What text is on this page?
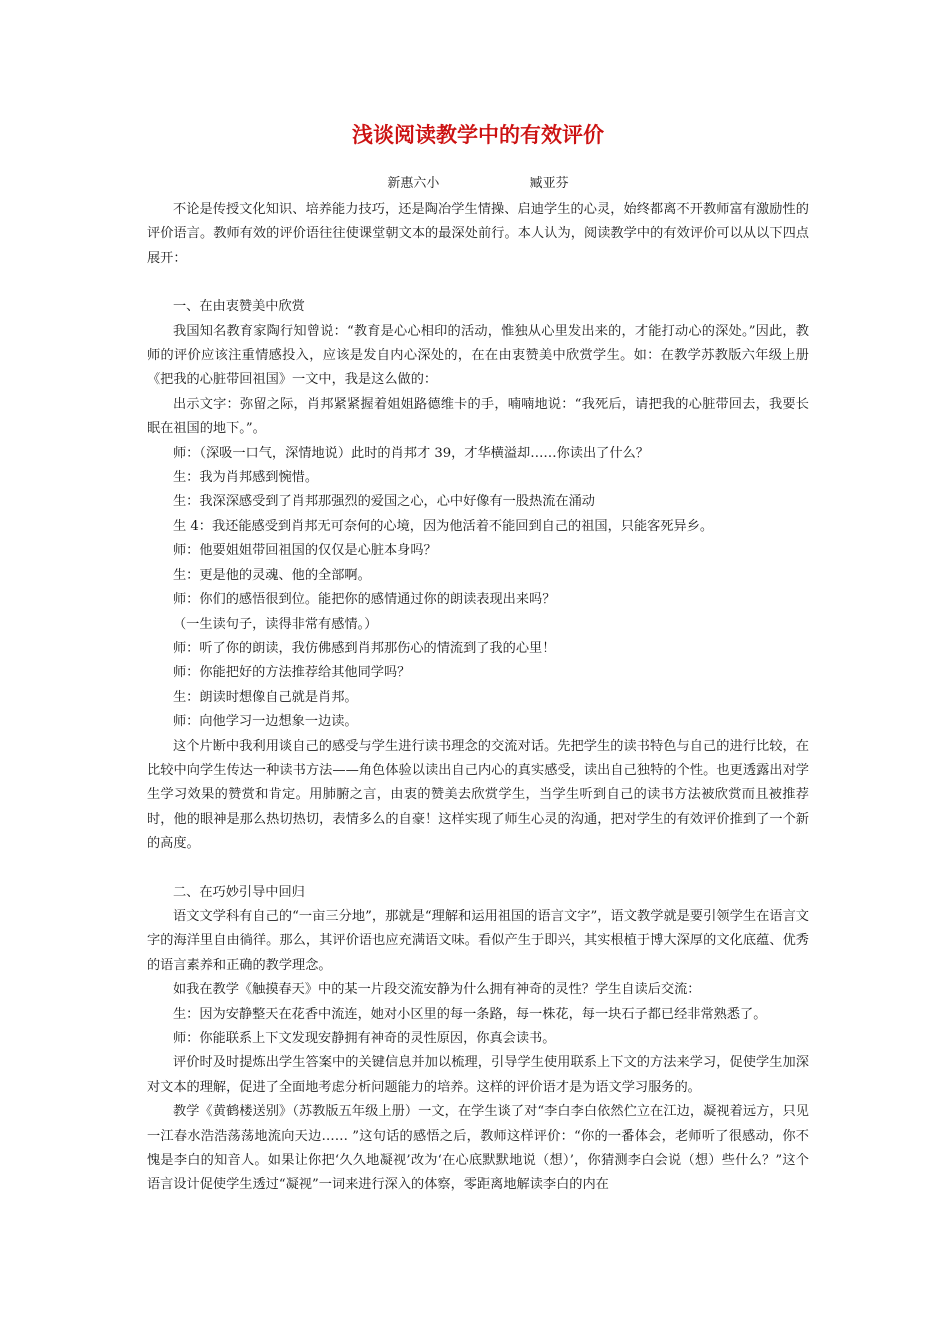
浅谈阅读教学中的有效评价
新惠六小	臧亚芬

不论是传授文化知识、培养能力技巧，还是陶冶学生情操、启迪学生的心灵，始终都离不开教师富有激励性的评价语言。教师有效的评价语往往使课堂朝文本的最深处前行。本人认为，阅读教学中的有效评价可以从以下四点展开：

一、在由衷赞美中欣赏

我国知名教育家陶行知曾说：“教育是心心相印的活动，惟独从心里发出来的，才能打动心的深处。”因此，教师的评价应该注重情感投入，应该是发自内心深处的，在在由衷赞美中欣赏学生。如：在教学苏教版六年级上册《把我的心脏带回祖国》一文中，我是这么做的：

出示文字：弥留之际，肖邦紧紧握着姐姐路德维卡的手，喃喃地说：“我死后，请把我的心脏带回去，我要长眠在祖国的地下。”。

师：（深吸一口气，深情地说）此时的肖邦才 39，才华横溢却……你读出了什么？

生：我为肖邦感到惋惜。

生：我深深感受到了肖邦那强烈的爱国之心，心中好像有一股热流在涌动

生 4：我还能感受到肖邦无可奈何的心境，因为他活着不能回到自己的祖国，只能客死异乡。

师：他要姐姐带回祖国的仅仅是心脏本身吗？

生：更是他的灵魂、他的全部啊。

师：你们的感悟很到位。能把你的感情通过你的朗读表现出来吗？

（一生读句子，读得非常有感情。）

师：听了你的朗读，我仿佛感到肖邦那伤心的情流到了我的心里！

师：你能把好的方法推荐给其他同学吗？

生：朗读时想像自己就是肖邦。

师：向他学习一边想象一边读。

这个片断中我利用谈自己的感受与学生进行读书理念的交流对话。先把学生的读书特色与自己的进行比较，在比较中向学生传达一种读书方法——角色体验以读出自己内心的真实感受，读出自己独特的个性。也更透露出对学生学习效果的赞赏和肯定。用肺腑之言，由衷的赞美去欣赏学生，当学生听到自己的读书方法被欣赏而且被推荐时，他的眼神是那么热切热切，表情多么的自豪！这样实现了师生心灵的沟通，把对学生的有效评价推到了一个新的高度。

二、在巧妙引导中回归

语文文学科有自己的“一亩三分地”，那就是“理解和运用祖国的语言文字”，语文教学就是要引领学生在语言文字的海洋里自由徜徉。那么，其评价语也应充满语文味。看似产生于即兴，其实根植于博大深厚的文化底蕴、优秀的语言素养和正确的教学理念。

如我在教学《触摸春天》中的某一片段交流安静为什么拥有神奇的灵性？学生自读后交流：

生：因为安静整天在花香中流连，她对小区里的每一条路，每一株花，每一块石子都已经非常熟悉了。

师：你能联系上下文发现安静拥有神奇的灵性原因，你真会读书。

评价时及时提炼出学生答案中的关键信息并加以梳理，引导学生使用联系上下文的方法来学习，促使学生加深对文本的理解，促进了全面地考虑分析问题能力的培养。这样的评价语才是为语文学习服务的。

教学《黄鹤楼送别》（苏教版五年级上册）一文，在学生谈了对“李白李白依然伫立在江边，凝视着远方，只见一江春水浩浩荡荡地流向天边…… ”这句话的感悟之后，教师这样评价：“你的一番体会，老师听了很感动，你不愧是李白的知音人。如果让你把‘久久地凝视’改为‘在心底默默地说（想）’，你猜测李白会说（想）些什么？”这个语言设计促使学生透过“凝视”一词来进行深入的体察，零距离地解读李白的内在
